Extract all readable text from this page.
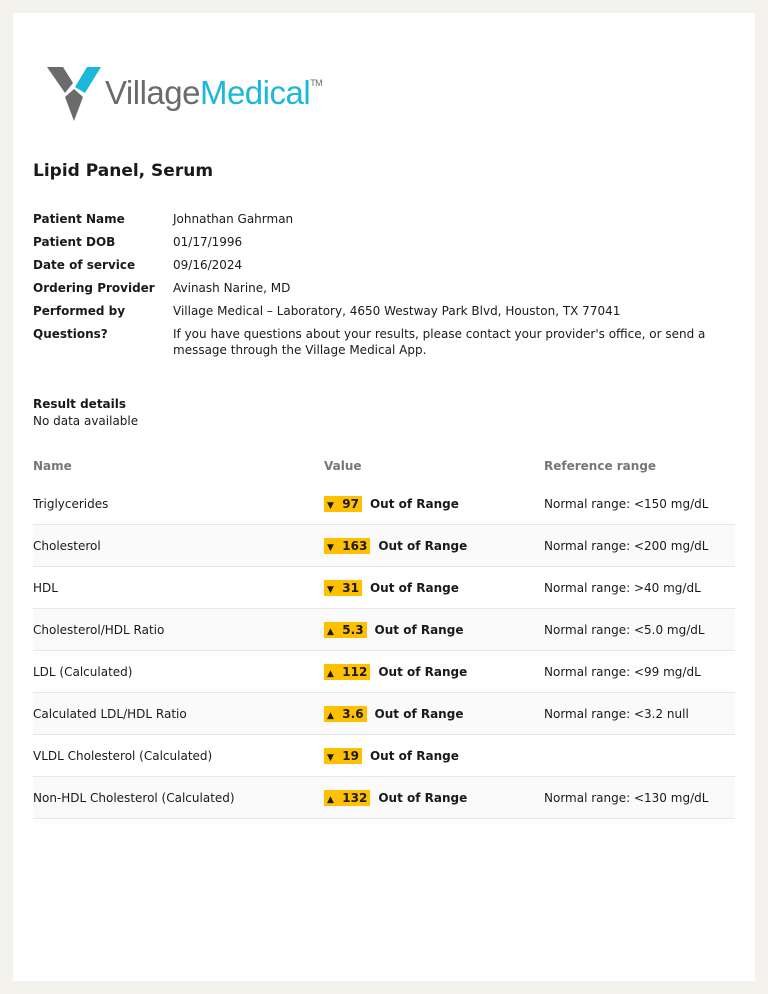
VillageMedical™
Lipid Panel, Serum
Patient Name	Johnathan Gahrman
Patient DOB	01/17/1996
Date of service	09/16/2024
Ordering Provider	Avinash Narine, MD
Performed by	Village Medical – Laboratory, 4650 Westway Park Blvd, Houston, TX 77041
Questions?	If you have questions about your results, please contact your provider's office, or send a message through the Village Medical App.
Result details
No data available
Name	Value	Reference range
Triglycerides	▼ 97 Out of Range	Normal range: <150 mg/dL
Cholesterol	▼ 163 Out of Range	Normal range: <200 mg/dL
HDL	▼ 31 Out of Range	Normal range: >40 mg/dL
Cholesterol/HDL Ratio	▲ 5.3 Out of Range	Normal range: <5.0 mg/dL
LDL (Calculated)	▲ 112 Out of Range	Normal range: <99 mg/dL
Calculated LDL/HDL Ratio	▲ 3.6 Out of Range	Normal range: <3.2 null
VLDL Cholesterol (Calculated)	▼ 19 Out of Range	
Non-HDL Cholesterol (Calculated)	▲ 132 Out of Range	Normal range: <130 mg/dL
